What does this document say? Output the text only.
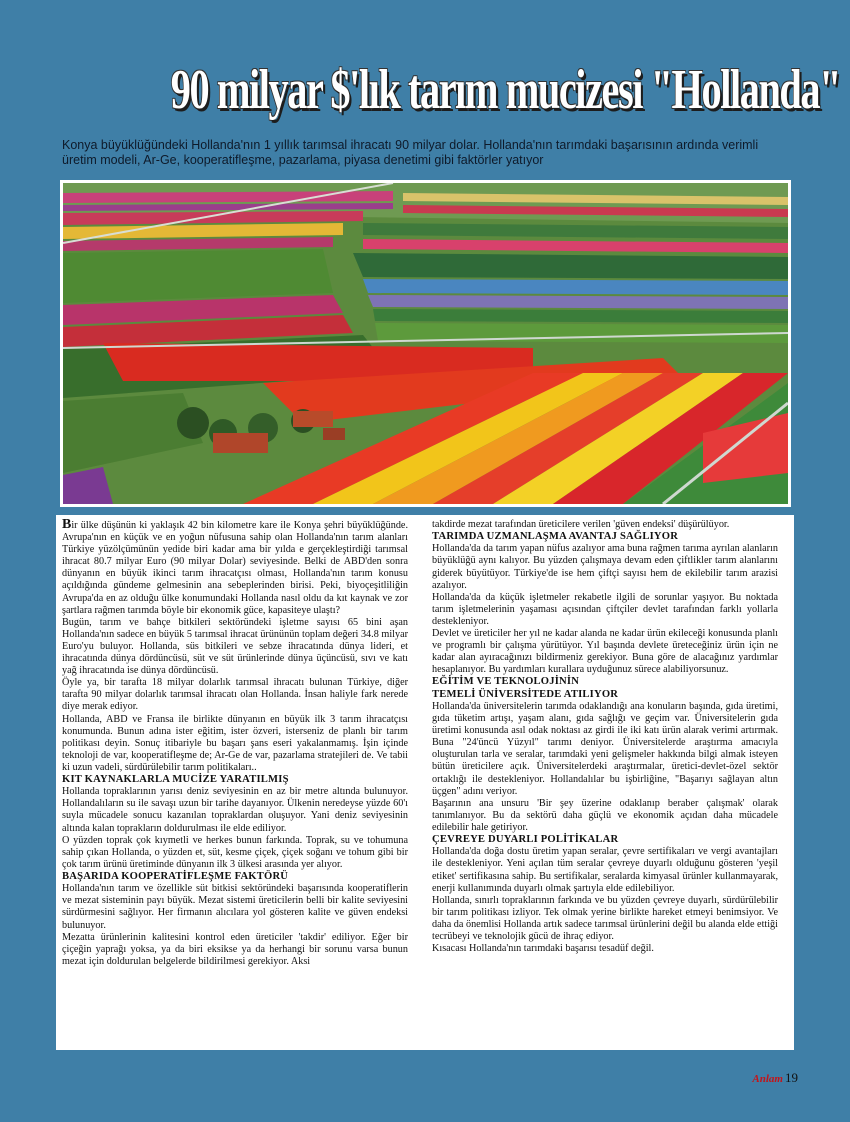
90 milyar $'lık tarım mucizesi "Hollanda"
Konya büyüklüğündeki Hollanda'nın 1 yıllık tarımsal ihracatı 90 milyar dolar. Hollanda'nın tarımdaki başarısının ardında verimli üretim modeli, Ar-Ge, kooperatifleşme, pazarlama, piyasa denetimi gibi faktörler yatıyor

Bir ülke düşünün ki yaklaşık 42 bin kilometre kare ile Konya şehri büyüklüğünde. Avrupa'nın en küçük ve en yoğun nüfusuna sahip olan Hollanda'nın tarım alanları Türkiye yüzölçümünün yedide biri kadar ama bir yılda e gerçekleştirdiği tarımsal ihracat 80.7 milyar Euro (90 milyar Dolar) seviyesinde. Belki de ABD'den sonra dünyanın en büyük ikinci tarım ihracatçısı olması, Hollanda'nın tarım konusu açıldığında gündeme gelmesinin ana sebeplerinden birisi. Peki, biyoçeşitliliğin Avrupa'da en az olduğu ülke konumundaki Hollanda nasıl oldu da kıt kaynak ve zor şartlara rağmen tarımda böyle bir ekonomik güce, kapasiteye ulaştı?

Bugün, tarım ve bahçe bitkileri sektöründeki işletme sayısı 65 bini aşan Hollanda'nın sadece en büyük 5 tarımsal ihracat ürününün toplam değeri 34.8 milyar Euro'yu buluyor. Hollanda, süs bitkileri ve sebze ihracatında dünya lideri, et ihracatında dünya dördüncüsü, süt ve süt ürünlerinde dünya üçüncüsü, sıvı ve katı yağ ihracatında ise dünya dördüncüsü.

Öyle ya, bir tarafta 18 milyar dolarlık tarımsal ihracatı bulunan Türkiye, diğer tarafta 90 milyar dolarlık tarımsal ihracatı olan Hollanda. İnsan haliyle fark nerede diye merak ediyor.

Hollanda, ABD ve Fransa ile birlikte dünyanın en büyük ilk 3 tarım ihracatçısı konumunda. Bunun adına ister eğitim, ister özveri, isterseniz de planlı bir tarım politikası deyin. Sonuç itibariyle bu başarı şans eseri yakalanmamış. İşin içinde teknoloji de var, kooperatifleşme de; Ar-Ge de var, pazarlama stratejileri de. Ve tabii ki uzun vadeli, sürdürülebilir tarım politikaları..

KIT KAYNAKLARLA MUCİZE YARATILMIŞ

Hollanda topraklarının yarısı deniz seviyesinin en az bir metre altında bulunuyor. Hollandalıların su ile savaşı uzun bir tarihe dayanıyor. Ülkenin neredeyse yüzde 60'ı suyla mücadele sonucu kazanılan topraklardan oluşuyor. Yani deniz seviyesinin altında kalan toprakların doldurulması ile elde ediliyor.

O yüzden toprak çok kıymetli ve herkes bunun farkında. Toprak, su ve tohumuna sahip çıkan Hollanda, o yüzden et, süt, kesme çiçek, çiçek soğanı ve tohum gibi bir çok tarım ürünü üretiminde dünyanın ilk 3 ülkesi arasında yer alıyor.

BAŞARIDA KOOPERATİFLEŞME FAKTÖRÜ

Hollanda'nın tarım ve özellikle süt bitkisi sektöründeki başarısında kooperatiflerin ve mezat sisteminin payı büyük. Mezat sistemi üreticilerin belli bir kalite seviyesini sürdürmesini sağlıyor. Her firmanın alıcılara yol gösteren kalite ve güven endeksi bulunuyor.

Mezatta ürünlerinin kalitesini kontrol eden üreticiler 'takdir' ediliyor. Eğer bir çiçeğin yaprağı yoksa, ya da biri eksikse ya da herhangi bir sorunu varsa bunun mezat için doldurulan belgelerde bildirilmesi gerekiyor. Aksi

takdirde mezat tarafından üreticilere verilen 'güven endeksi' düşürülüyor.

TARIMDA UZMANLAŞMA AVANTAJ SAĞLIYOR

Hollanda'da da tarım yapan nüfus azalıyor ama buna rağmen tarıma ayrılan alanların büyüklüğü aynı kalıyor. Bu yüzden çalışmaya devam eden çiftlikler tarım alanlarını giderek büyütüyor. Türkiye'de ise hem çiftçi sayısı hem de ekilebilir tarım arazisi azalıyor.

Hollanda'da da küçük işletmeler rekabetle ilgili de sorunlar yaşıyor. Bu noktada tarım işletmelerinin yaşaması açısından çiftçiler devlet tarafından farklı yollarla destekleniyor.

Devlet ve üreticiler her yıl ne kadar alanda ne kadar ürün ekileceği konusunda planlı ve programlı bir çalışma yürütüyor. Yıl başında devlete üreteceğiniz ürün için ne kadar alan ayıracağınızı bildirmeniz gerekiyor. Buna göre de alacağınız yardımlar hesaplanıyor. Bu yardımları kurallara uyduğunuz sürece alabiliyorsunuz.

EĞİTİM VE TEKNOLOJİNİN
TEMELİ ÜNİVERSİTEDE ATILIYOR

Hollanda'da üniversitelerin tarımda odaklandığı ana konuların başında, gıda üretimi, gıda tüketim artışı, yaşam alanı, gıda sağlığı ve geçim var. Üniversitelerin gıda üretimi konusunda asıl odak noktası az girdi ile iki katı ürün alarak verimi artırmak. Buna "24'üncü Yüzyıl" tarımı deniyor. Üniversitelerde araştırma amacıyla oluşturulan tarla ve seralar, tarımdaki yeni gelişmeler hakkında bilgi almak isteyen bütün üreticilere açık. Üniversitelerdeki araştırmalar, üretici-devlet-özel sektör ortaklığı ile destekleniyor. Hollandalılar bu işbirliğine, "Başarıyı sağlayan altın üçgen" adını veriyor.

Başarının ana unsuru 'Bir şey üzerine odaklanıp beraber çalışmak' olarak tanımlanıyor. Bu da sektörü daha güçlü ve ekonomik açıdan daha mücadele edilebilir hale getiriyor.

ÇEVREYE DUYARLI POLİTİKALAR

Hollanda'da doğa dostu üretim yapan seralar, çevre sertifikaları ve vergi avantajları ile destekleniyor. Yeni açılan tüm seralar çevreye duyarlı olduğunu gösteren 'yeşil etiket' sertifikasına sahip. Bu sertifikalar, seralarda kimyasal ürünler kullanmayarak, enerji kullanımında duyarlı olmak şartıyla elde edilebiliyor.

Hollanda, sınırlı topraklarının farkında ve bu yüzden çevreye duyarlı, sürdürülebilir bir tarım politikası izliyor. Tek olmak yerine birlikte hareket etmeyi benimsiyor. Ve daha da önemlisi Hollanda artık sadece tarımsal ürünlerini değil bu alanda elde ettiği tecrübeyi ve teknolojik gücü de ihraç ediyor.

Kısacası Hollanda'nın tarımdaki başarısı tesadüf değil.

Anlam 19
